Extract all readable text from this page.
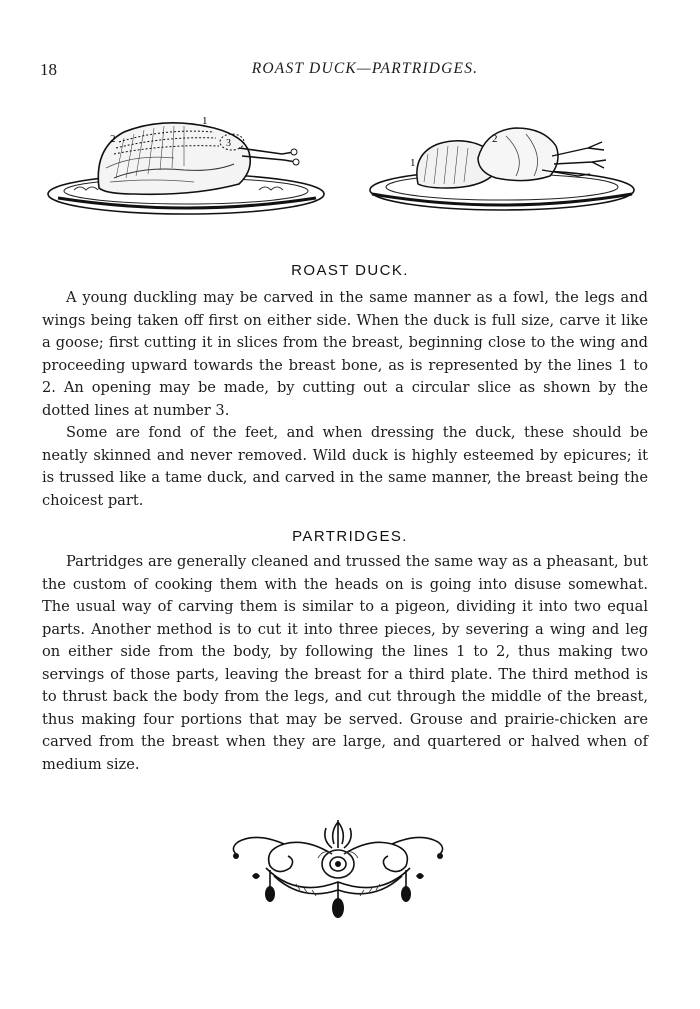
18	ROAST DUCK—PARTRIDGES.
1
2	3
1
2
ROAST DUCK.

A young duckling may be carved in the same manner as a fowl, the legs and wings being taken off first on either side. When the duck is full size, carve it like a goose; first cutting it in slices from the breast, beginning close to the wing and proceeding upward towards the breast bone, as is represented by the lines 1 to 2. An opening may be made, by cutting out a circular slice as shown by the dotted lines at number 3.

Some are fond of the feet, and when dressing the duck, these should be neatly skinned and never removed. Wild duck is highly esteemed by epicures; it is trussed like a tame duck, and carved in the same manner, the breast being the choicest part.

PARTRIDGES.

Partridges are generally cleaned and trussed the same way as a pheasant, but the custom of cooking them with the heads on is going into disuse somewhat. The usual way of carving them is similar to a pigeon, dividing it into two equal parts. Another method is to cut it into three pieces, by severing a wing and leg on either side from the body, by following the lines 1 to 2, thus making two servings of those parts, leaving the breast for a third plate. The third method is to thrust back the body from the legs, and cut through the middle of the breast, thus making four portions that may be served. Grouse and prairie-chicken are carved from the breast when they are large, and quartered or halved when of medium size.
